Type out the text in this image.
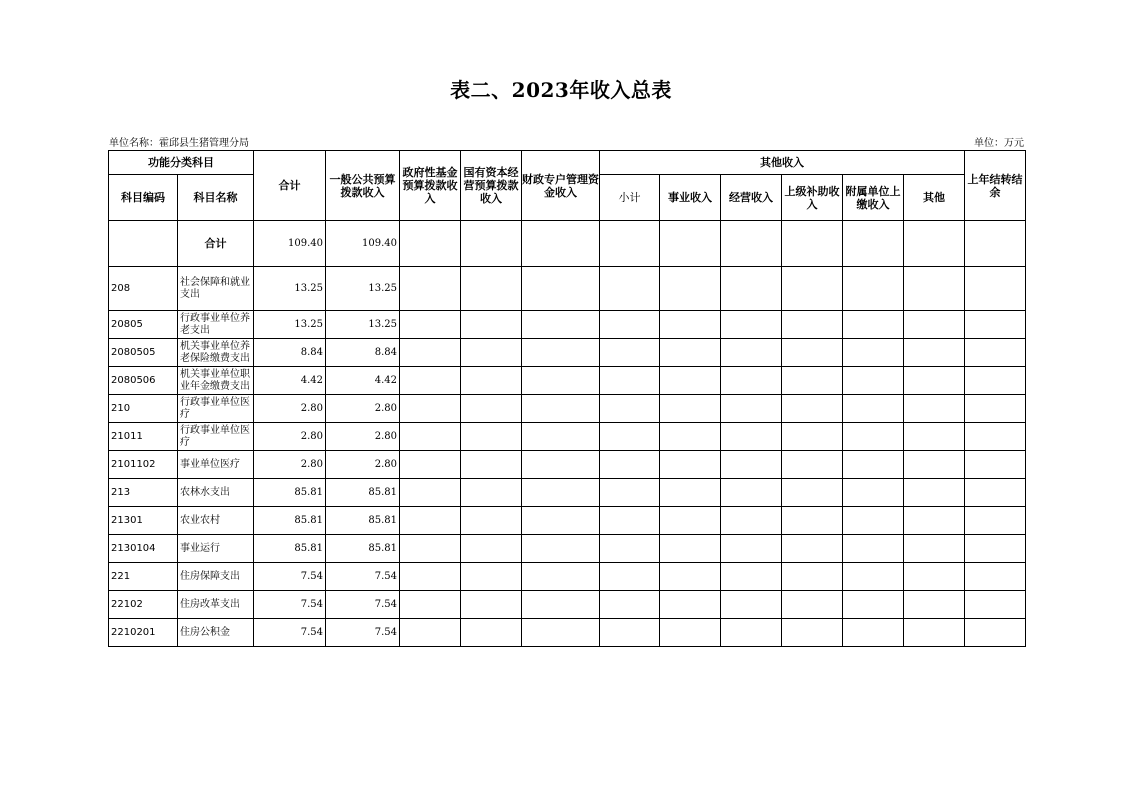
表二、2023年收入总表
单位名称：霍邱县生猪管理分局	单位：万元
功能分类科目		合计	一般公共预算拨款收入	政府性基金预算拨款收入	国有资本经营预算拨款收入	财政专户管理资金收入	其他收入						上年结转结余
科目编码	科目名称						小计	事业收入	经营收入	上级补助收入	附属单位上缴收入	其他	
	合计	109.40	109.40										
208	社会保障和就业支出	13.25	13.25										
20805	行政事业单位养老支出	13.25	13.25										
2080505	机关事业单位养老保险缴费支出	8.84	8.84										
2080506	机关事业单位职业年金缴费支出	4.42	4.42										
210	行政事业单位医疗	2.80	2.80										
21011	行政事业单位医疗	2.80	2.80										
2101102	事业单位医疗	2.80	2.80										
213	农林水支出	85.81	85.81										
21301	农业农村	85.81	85.81										
2130104	事业运行	85.81	85.81										
221	住房保障支出	7.54	7.54										
22102	住房改革支出	7.54	7.54										
2210201	住房公积金	7.54	7.54										
